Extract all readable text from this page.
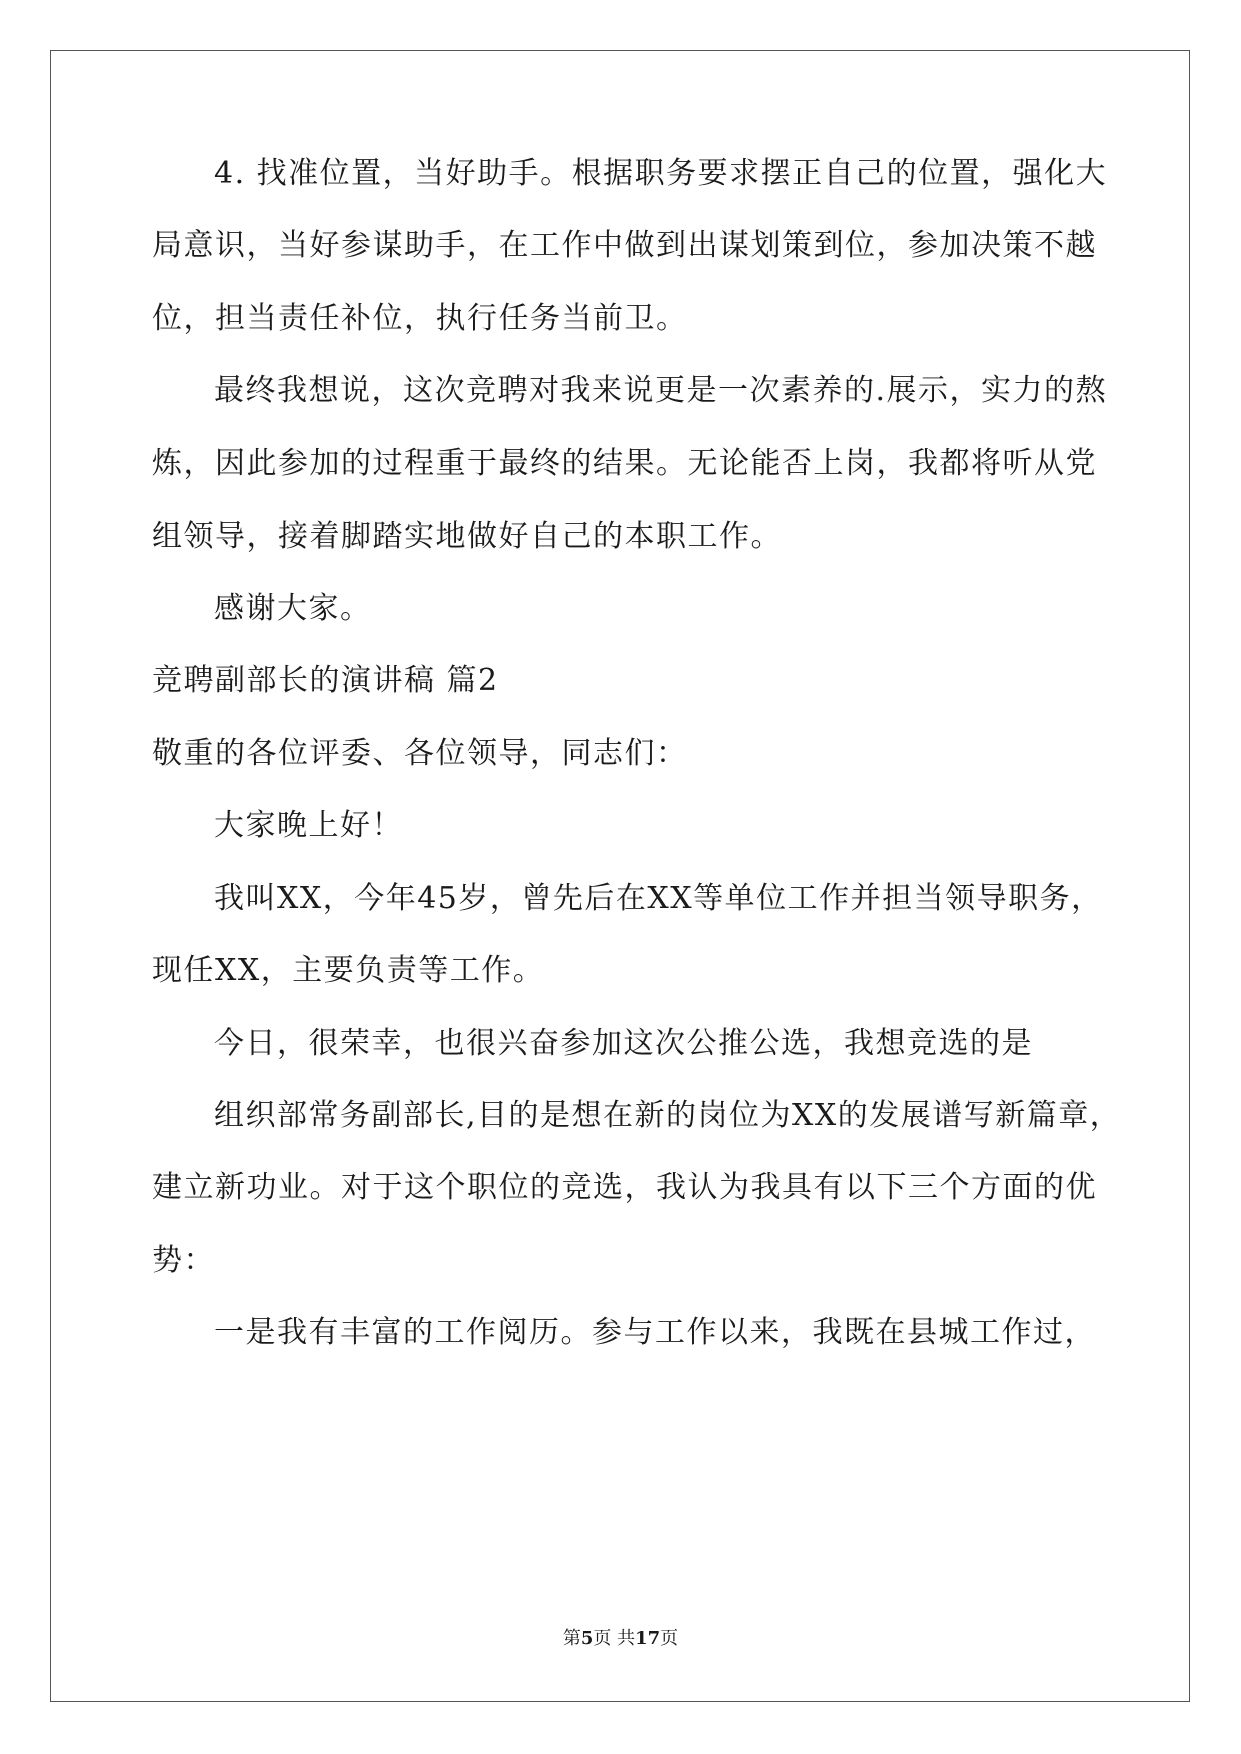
4. 找准位置，当好助手。根据职务要求摆正自己的位置，强化大
局意识，当好参谋助手，在工作中做到出谋划策到位，参加决策不越
位，担当责任补位，执行任务当前卫。
最终我想说，这次竞聘对我来说更是一次素养的.展示，实力的熬
炼，因此参加的过程重于最终的结果。无论能否上岗，我都将听从党
组领导，接着脚踏实地做好自己的本职工作。
感谢大家。
竞聘副部长的演讲稿 篇2
敬重的各位评委、各位领导，同志们：
大家晚上好！
我叫XX，今年45岁，曾先后在XX等单位工作并担当领导职务，
现任XX，主要负责等工作。
今日，很荣幸，也很兴奋参加这次公推公选，我想竞选的是
组织部常务副部长,目的是想在新的岗位为XX的发展谱写新篇章，
建立新功业。对于这个职位的竞选，我认为我具有以下三个方面的优
势：
一是我有丰富的工作阅历。参与工作以来，我既在县城工作过，
第5页 共17页
